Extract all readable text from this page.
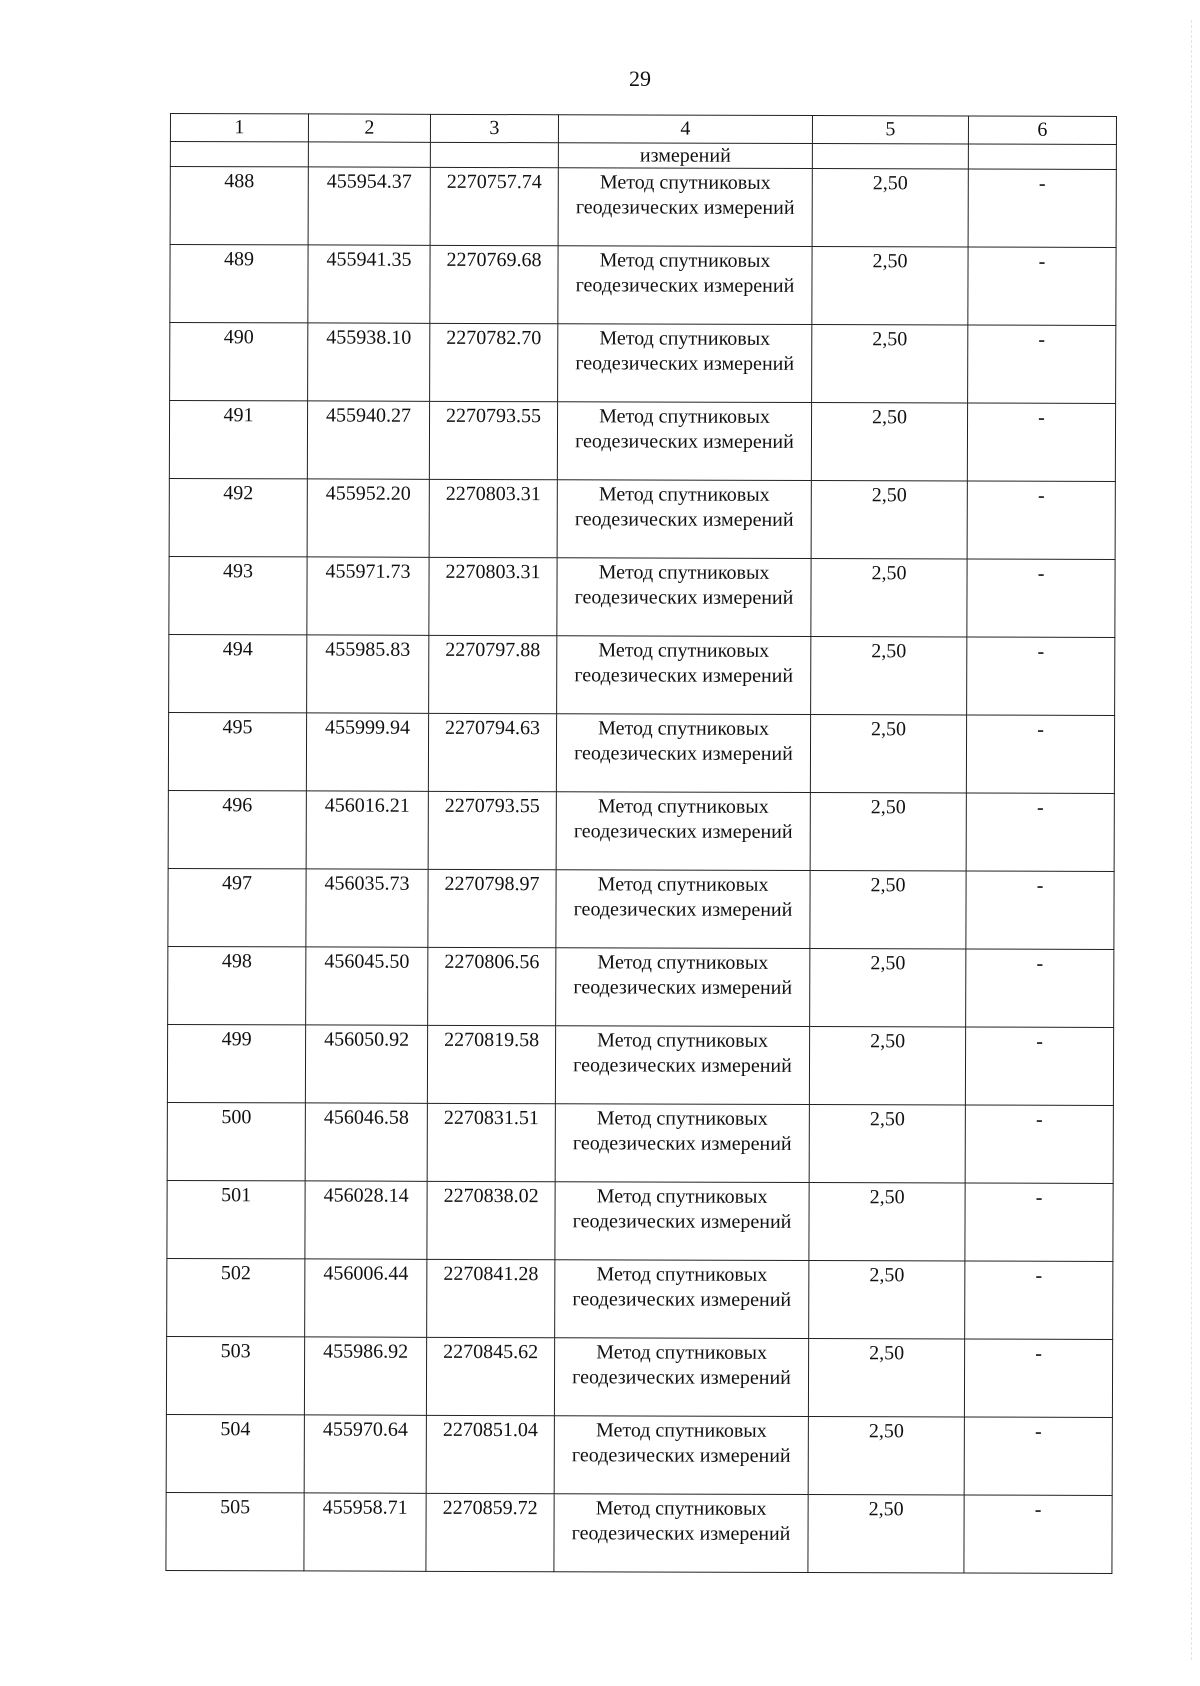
29
1	2	3	4	5	6
			измерений		
488	455954.37	2270757.74	Метод спутниковых геодезических измерений	2,50	-
489	455941.35	2270769.68	Метод спутниковых геодезических измерений	2,50	-
490	455938.10	2270782.70	Метод спутниковых геодезических измерений	2,50	-
491	455940.27	2270793.55	Метод спутниковых геодезических измерений	2,50	-
492	455952.20	2270803.31	Метод спутниковых геодезических измерений	2,50	-
493	455971.73	2270803.31	Метод спутниковых геодезических измерений	2,50	-
494	455985.83	2270797.88	Метод спутниковых геодезических измерений	2,50	-
495	455999.94	2270794.63	Метод спутниковых геодезических измерений	2,50	-
496	456016.21	2270793.55	Метод спутниковых геодезических измерений	2,50	-
497	456035.73	2270798.97	Метод спутниковых геодезических измерений	2,50	-
498	456045.50	2270806.56	Метод спутниковых геодезических измерений	2,50	-
499	456050.92	2270819.58	Метод спутниковых геодезических измерений	2,50	-
500	456046.58	2270831.51	Метод спутниковых геодезических измерений	2,50	-
501	456028.14	2270838.02	Метод спутниковых геодезических измерений	2,50	-
502	456006.44	2270841.28	Метод спутниковых геодезических измерений	2,50	-
503	455986.92	2270845.62	Метод спутниковых геодезических измерений	2,50	-
504	455970.64	2270851.04	Метод спутниковых геодезических измерений	2,50	-
505	455958.71	2270859.72	Метод спутниковых геодезических измерений	2,50	-
